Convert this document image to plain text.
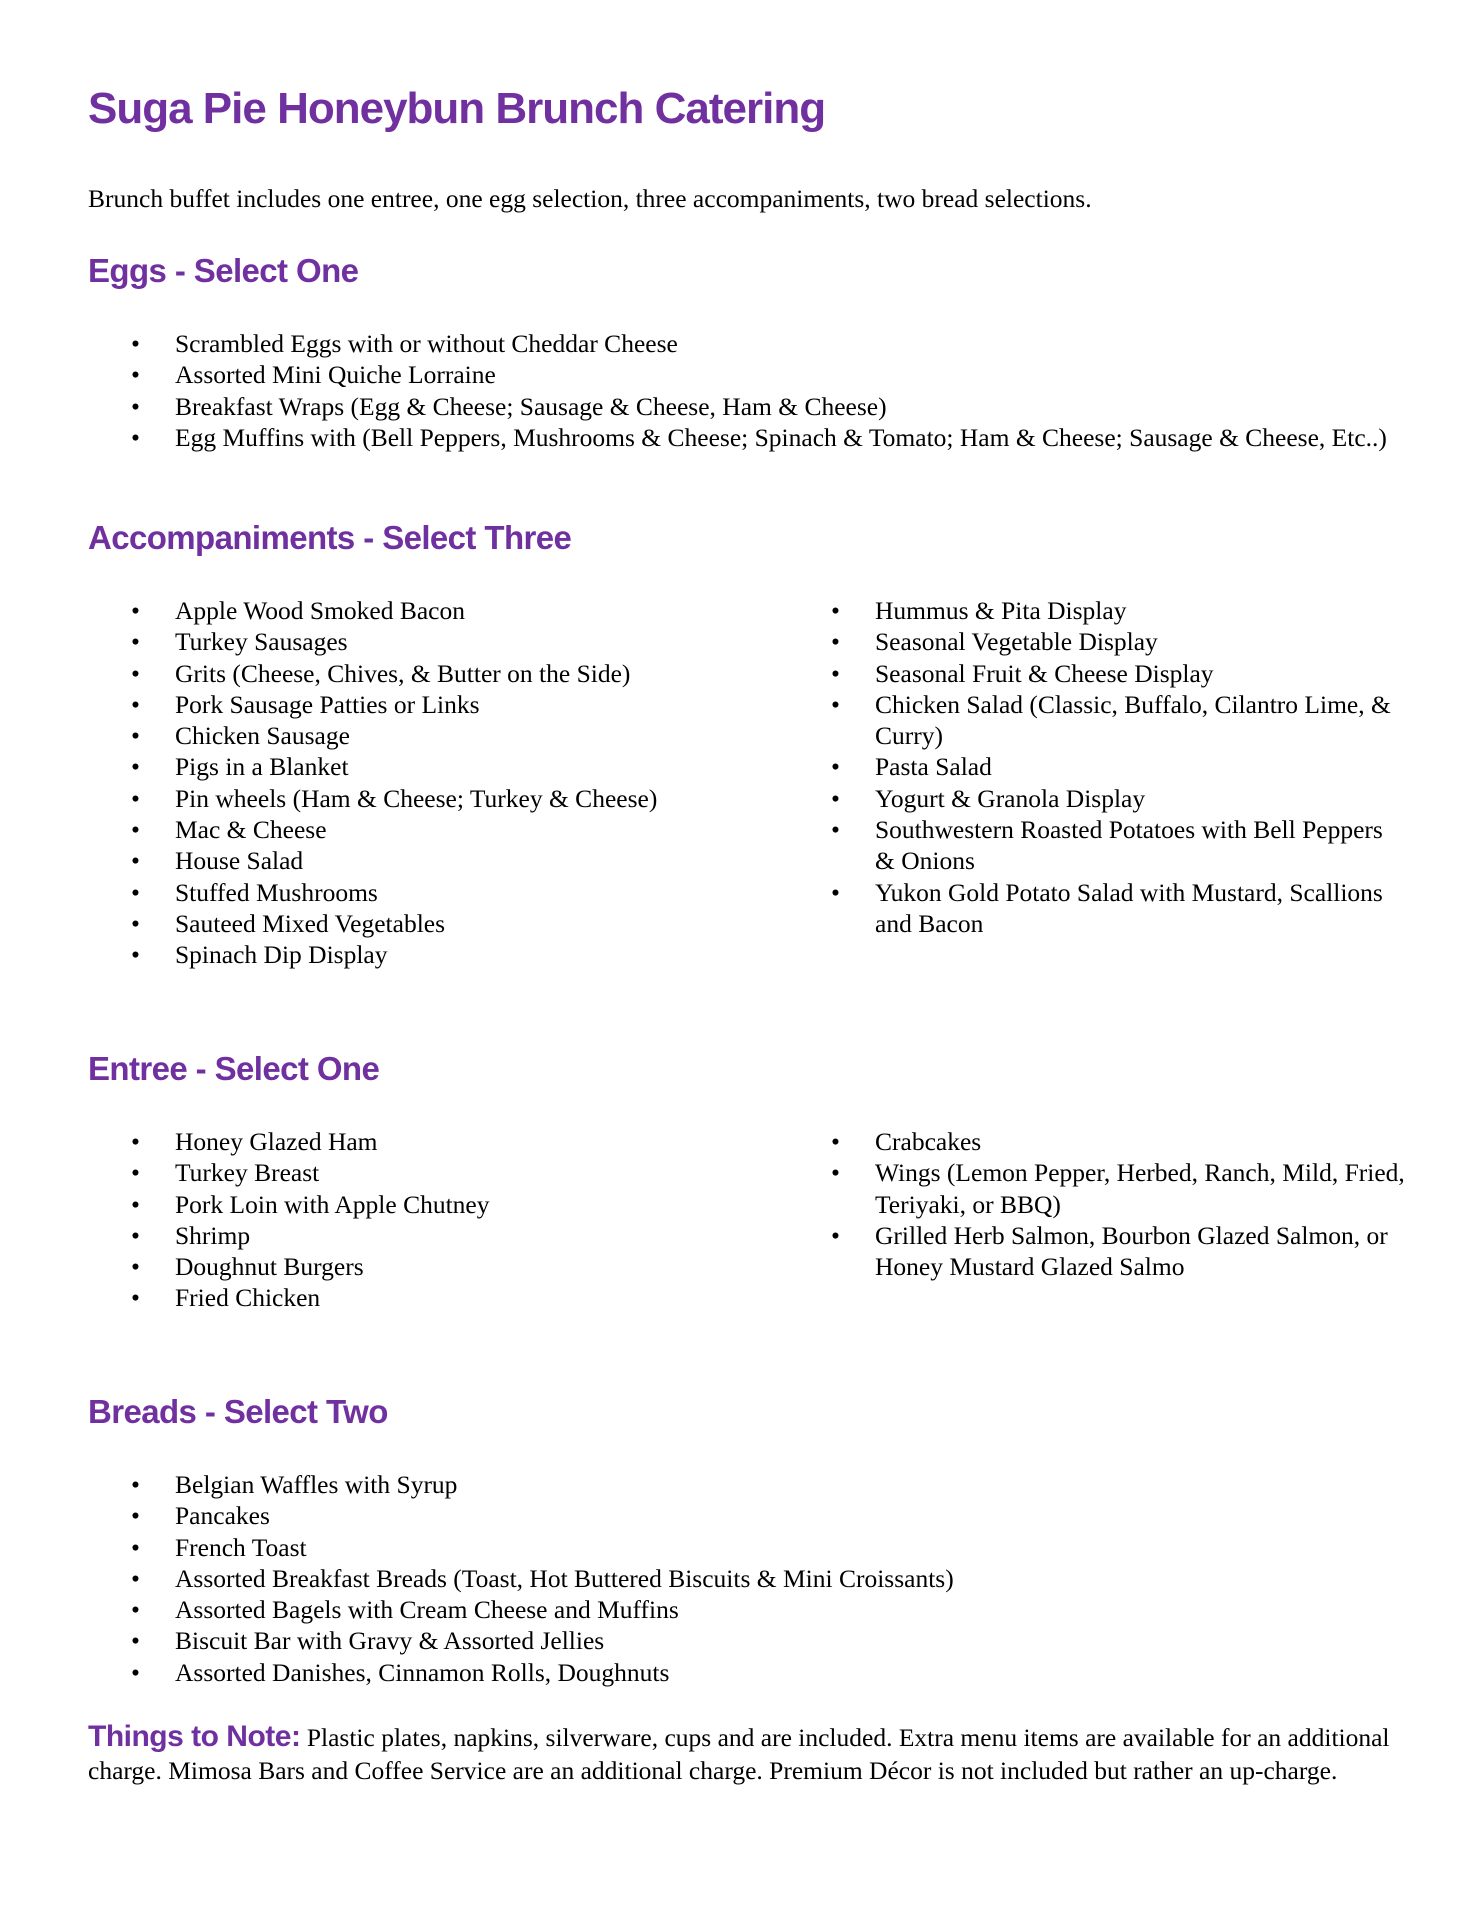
Suga Pie Honeybun Brunch Catering

Brunch buffet includes one entree, one egg selection, three accompaniments, two bread selections.

Eggs - Select One
• Scrambled Eggs with or without Cheddar Cheese
• Assorted Mini Quiche Lorraine
• Breakfast Wraps (Egg & Cheese; Sausage & Cheese, Ham & Cheese)
• Egg Muffins with (Bell Peppers, Mushrooms & Cheese; Spinach & Tomato; Ham & Cheese; Sausage & Cheese, Etc..)
Accompaniments - Select Three
• Apple Wood Smoked Bacon
• Turkey Sausages
• Grits (Cheese, Chives, & Butter on the Side)
• Pork Sausage Patties or Links
• Chicken Sausage
• Pigs in a Blanket
• Pin wheels (Ham & Cheese; Turkey & Cheese)
• Mac & Cheese
• House Salad
• Stuffed Mushrooms
• Sauteed Mixed Vegetables
• Spinach Dip Display
• Hummus & Pita Display
• Seasonal Vegetable Display
• Seasonal Fruit & Cheese Display
• Chicken Salad (Classic, Buffalo, Cilantro Lime, & Curry)
• Pasta Salad
• Yogurt & Granola Display
• Southwestern Roasted Potatoes with Bell Peppers & Onions
• Yukon Gold Potato Salad with Mustard, Scallions and Bacon
Entree - Select One
• Honey Glazed Ham
• Turkey Breast
• Pork Loin with Apple Chutney
• Shrimp
• Doughnut Burgers
• Fried Chicken
• Crabcakes
• Wings (Lemon Pepper, Herbed, Ranch, Mild, Fried, Teriyaki, or BBQ)
• Grilled Herb Salmon, Bourbon Glazed Salmon, or Honey Mustard Glazed Salmo
Breads - Select Two
• Belgian Waffles with Syrup
• Pancakes
• French Toast
• Assorted Breakfast Breads (Toast, Hot Buttered Biscuits & Mini Croissants)
• Assorted Bagels with Cream Cheese and Muffins
• Biscuit Bar with Gravy & Assorted Jellies
• Assorted Danishes, Cinnamon Rolls, Doughnuts

Things to Note: Plastic plates, napkins, silverware, cups and are included. Extra menu items are available for an additional charge. Mimosa Bars and Coffee Service are an additional charge. Premium Décor is not included but rather an up-charge.
